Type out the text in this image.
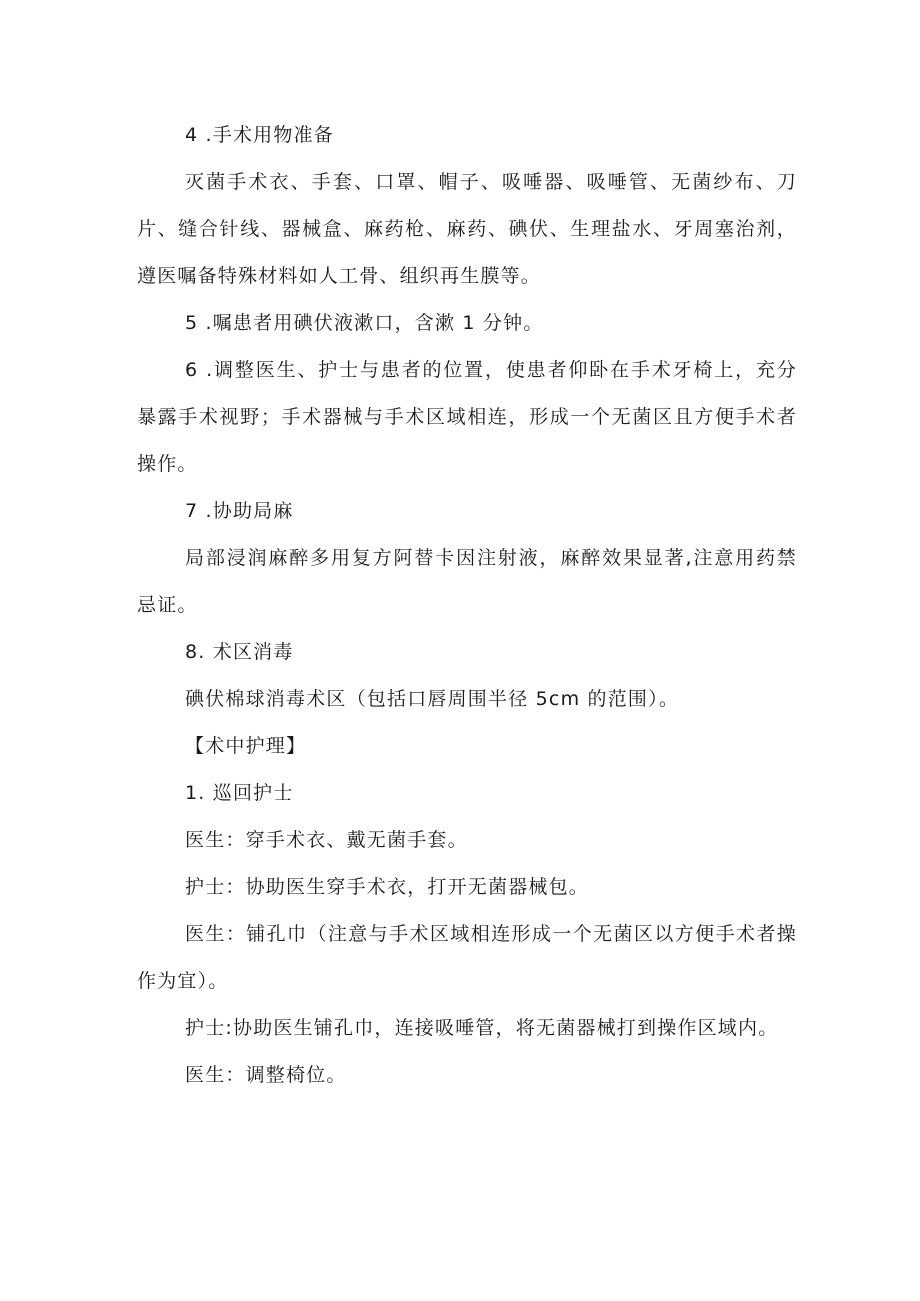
4 .手术用物准备

灭菌手术衣、手套、口罩、帽子、吸唾器、吸唾管、无菌纱布、刀片、缝合针线、器械盒、麻药枪、麻药、碘伏、生理盐水、牙周塞治剂，遵医嘱备特殊材料如人工骨、组织再生膜等。

5 .嘱患者用碘伏液漱口，含漱 1 分钟。

6 .调整医生、护士与患者的位置，使患者仰卧在手术牙椅上，充分暴露手术视野；手术器械与手术区域相连，形成一个无菌区且方便手术者操作。

7 .协助局麻

局部浸润麻醉多用复方阿替卡因注射液，麻醉效果显著,注意用药禁忌证。

8. 术区消毒

碘伏棉球消毒术区（包括口唇周围半径 5cm 的范围）。

【术中护理】

1. 巡回护士

医生：穿手术衣、戴无菌手套。

护士：协助医生穿手术衣，打开无菌器械包。

医生：铺孔巾（注意与手术区域相连形成一个无菌区以方便手术者操作为宜）。

护士:协助医生铺孔巾，连接吸唾管，将无菌器械打到操作区域内。

医生：调整椅位。
